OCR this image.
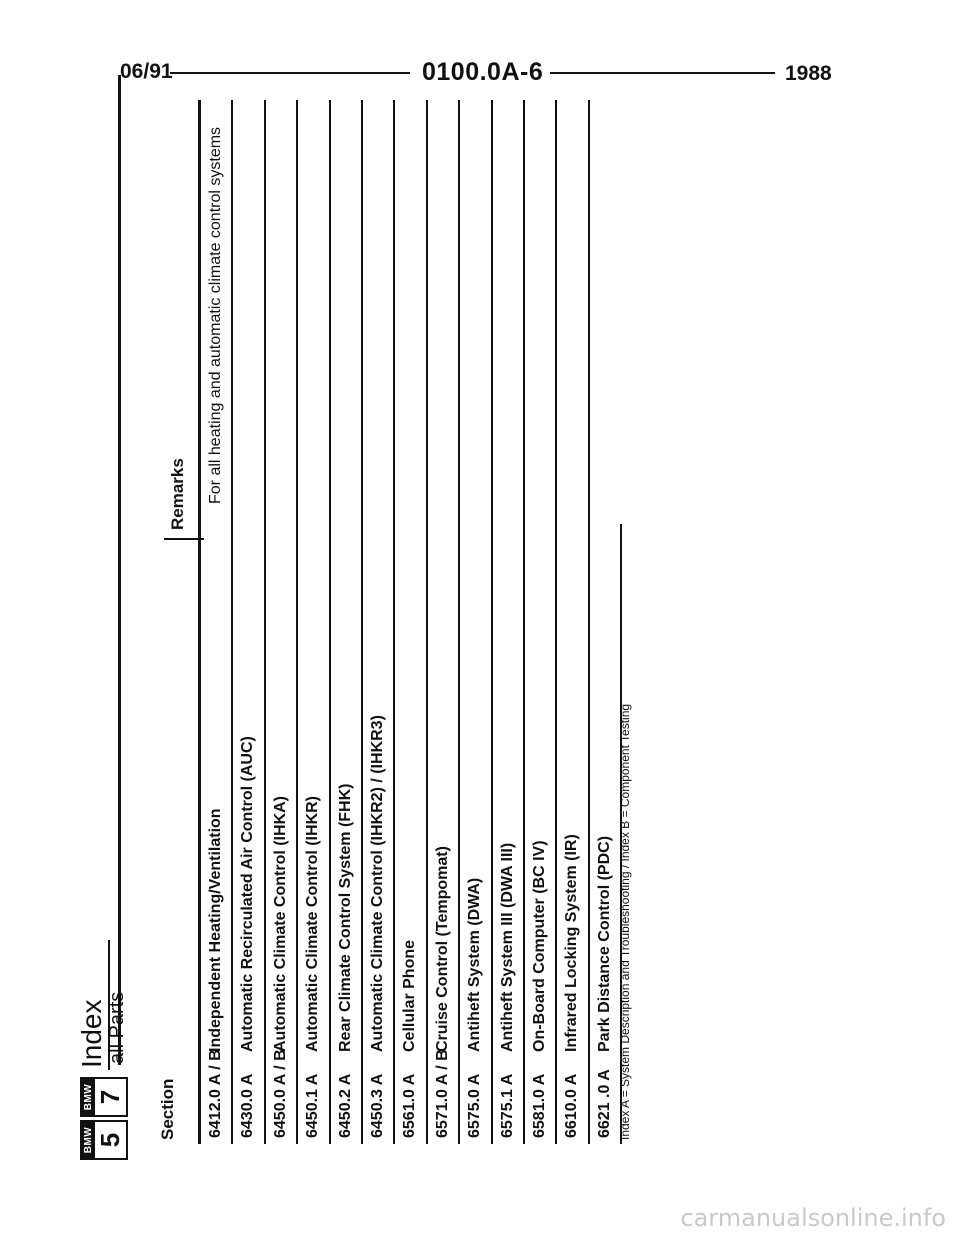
06/91	0100.0A-6	1988
BMW 5
BMW 7
Index all Parts
Section
Remarks
6412.0 A / B
Independent Heating/Ventilation
For all heating and automatic climate control systems
6430.0 A
Automatic Recirculated Air Control (AUC)
6450.0 A / B
Automatic Climate Control (IHKA)
6450.1 A
Automatic Climate Control (IHKR)
6450.2 A
Rear Climate Control System (FHK)
6450.3 A
Automatic Climate Control (IHKR2) / (IHKR3)
6561.0 A
Cellular Phone
6571.0 A / B
Cruise Control (Tempomat)
6575.0 A
Antiheft System (DWA)
6575.1 A
Antiheft System III (DWA III)
6581.0 A
On-Board Computer (BC IV)
6610.0 A
Infrared Locking System (IR)
6621 .0 A
Park Distance Control (PDC) Index A = System Description and Troubleshooting / Index B = Component Testing
carmanualsonline.info
